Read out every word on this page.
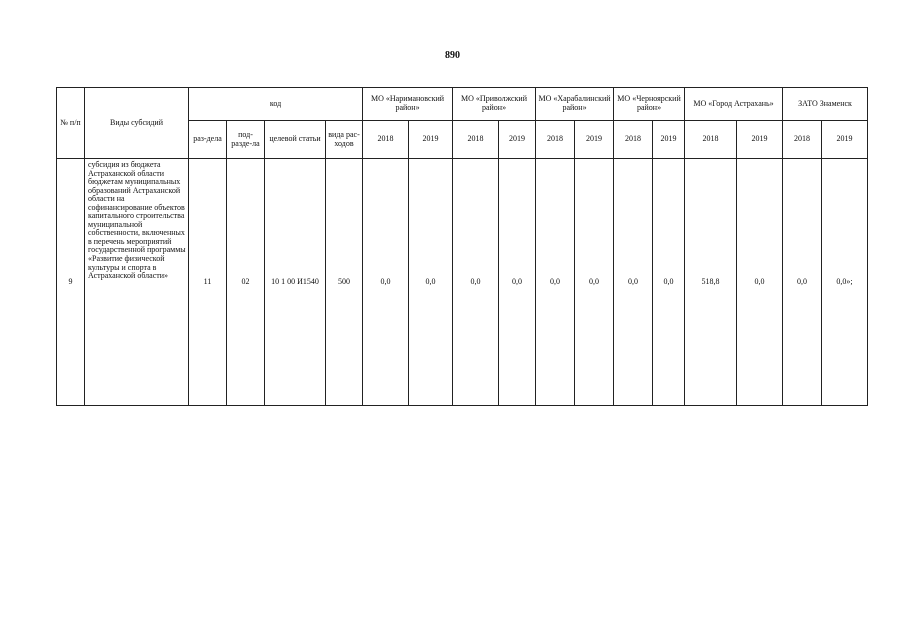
890
№ п/п	Виды субсидий	код				МО «Наримановский район»		МО «Приволжский район»		МО «Харабалинский район»		МО «Черноярский район»		МО «Город Астрахань»		ЗАТО Знаменск	
		раз-дела	под-разде-ла	целевой статьи	вида рас-ходов	2018	2019	2018	2019	2018	2019	2018	2019	2018	2019	2018	2019
9	субсидия из бюджета Астраханской области бюджетам муниципальных образований Астраханской области на софинансирование объектов капитального строительства муниципальной собственности, включенных в перечень мероприятий государственной программы «Развитие физической культуры и спорта в Астраханской области»	11	02	10 1 00 И1540	500	0,0	0,0	0,0	0,0	0,0	0,0	0,0	0,0	518,8	0,0	0,0	0,0»;
